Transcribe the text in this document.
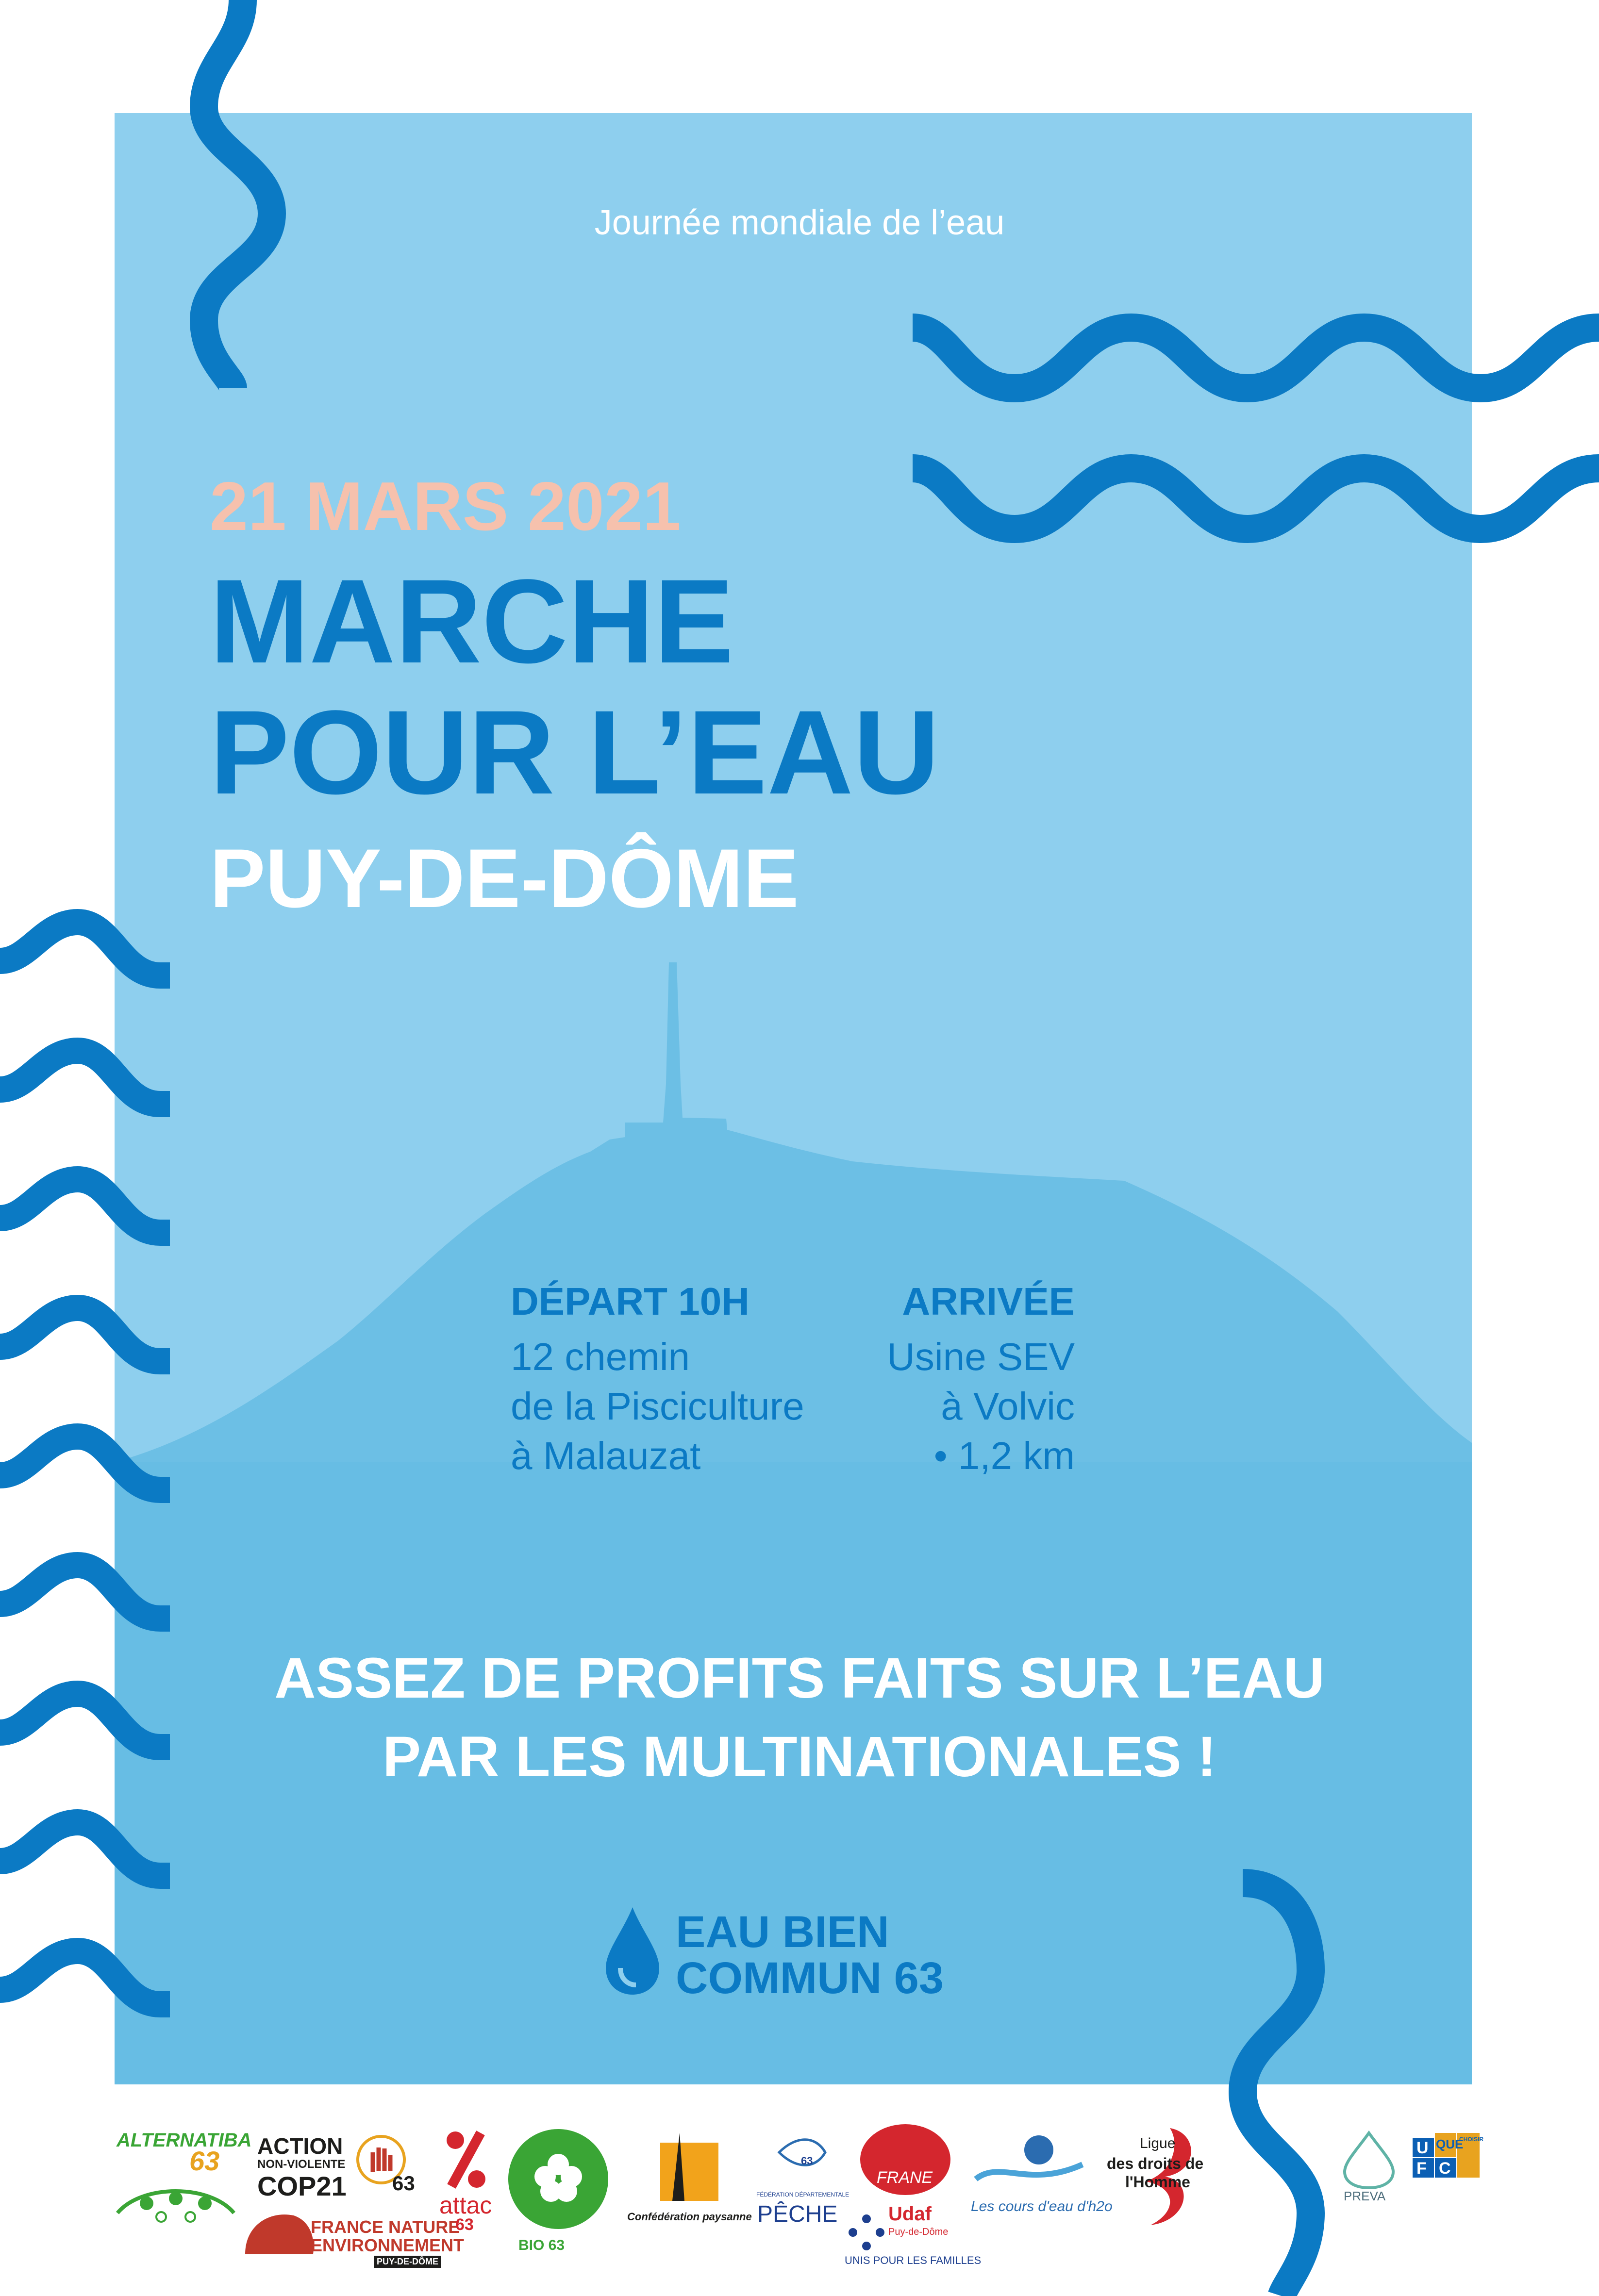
Journée mondiale de l’eau

21 MARS 2021

MARCHE

POUR L’EAU

PUY-DE-DÔME

DÉPART 10H

12 chemin

de la Pisciculture

à Malauzat

ARRIVÉE

Usine SEV

à Volvic

• 1,2 km

ASSEZ DE PROFITS FAITS SUR L’EAU

PAR LES MULTINATIONALES !

EAU BIEN

COMMUN 63

ALTERNATIBA

63 ACTION

NON-VIOLENTE

COP21 63

FRANCE NATURE

ENVIRONNEMENT

PUY-DE-DÔME

attac

63

BIO 63

Confédération paysanne

FÉDÉRATION DÉPARTEMENTALE

PÊCHE

63

FRANE

Udaf

Puy-de-Dôme

UNIS POUR LES FAMILLES

Les cours d'eau d'h2o

Ligue

des droits de

l'Homme

PREVA

U
F C
QUE
CHOISIR
